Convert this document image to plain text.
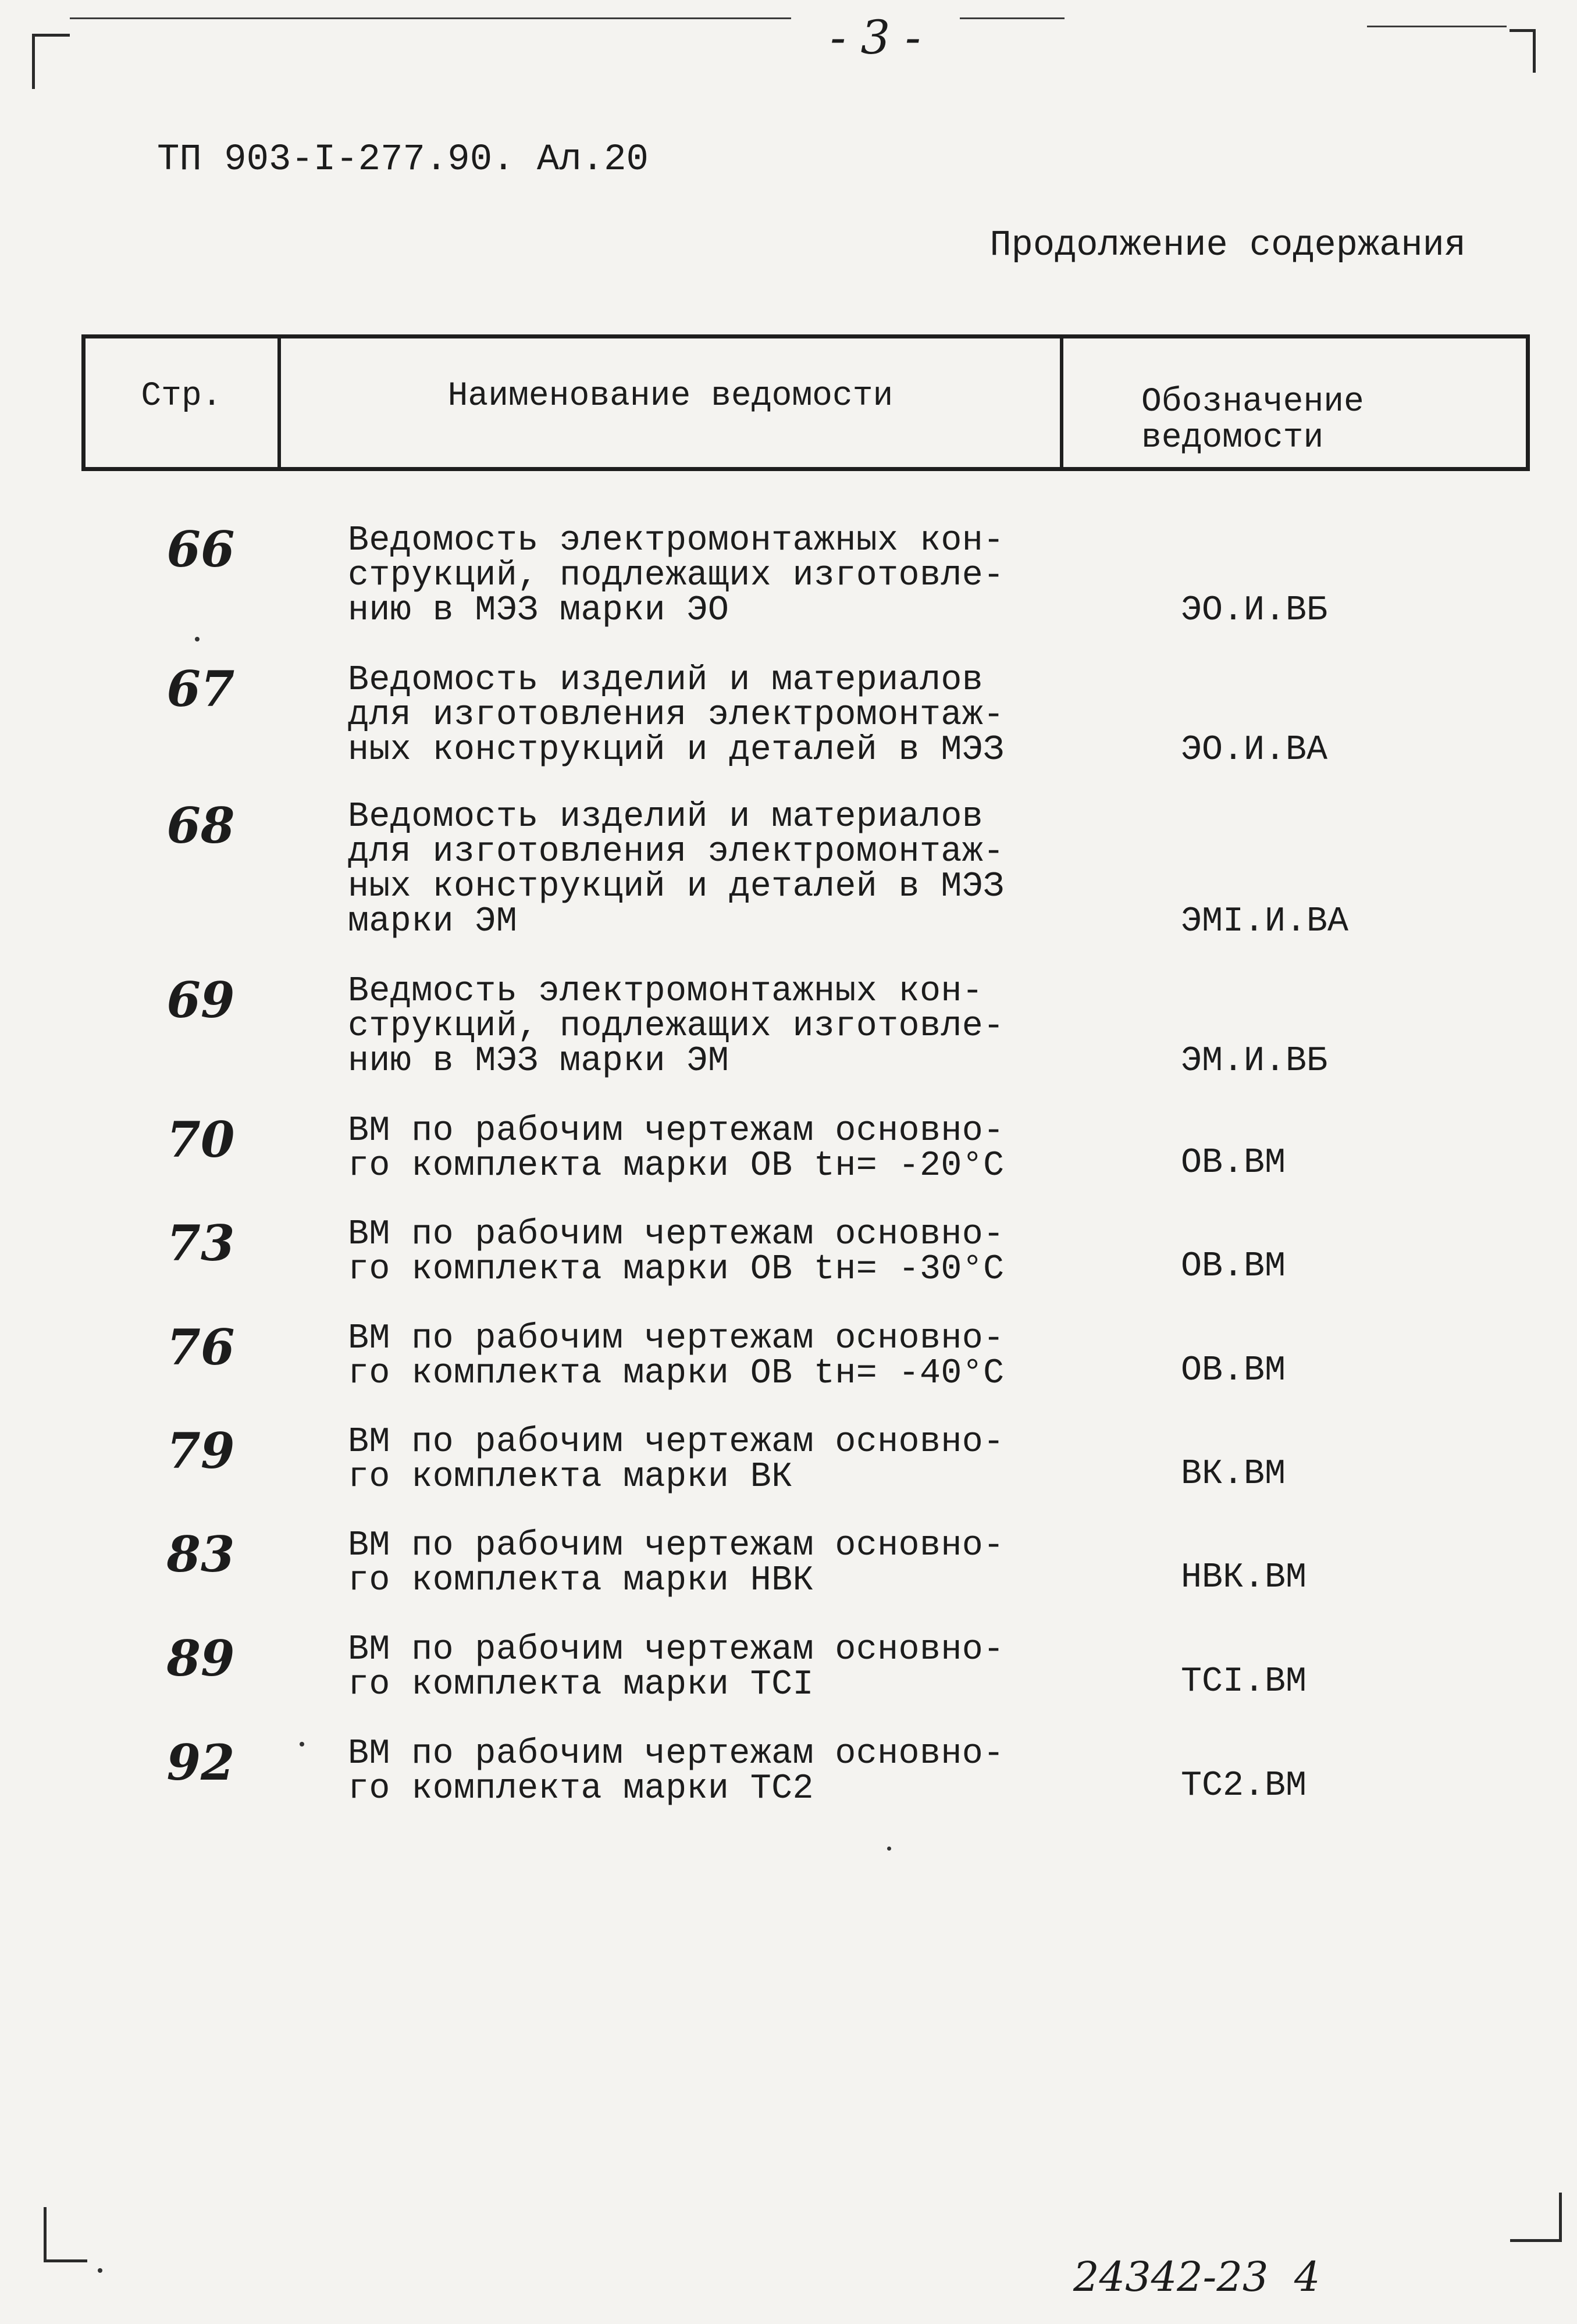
- 3 -
ТП 903-I-277.90. Ал.20
Продолжение содержания
Стр.	Наименование ведомости	Обозначение
ведомости
66	Ведомость электромонтажных кон-
струкций, подлежащих изготовле-
нию в МЭЗ марки ЭО	ЭО.И.ВБ
67	Ведомость изделий и материалов
для изготовления электромонтаж-
ных конструкций и деталей в МЭЗ	ЭО.И.ВА
68	Ведомость изделий и материалов
для изготовления электромонтаж-
ных конструкций и деталей в МЭЗ
марки ЭМ	ЭМI.И.ВА
69	Ведмость электромонтажных кон-
струкций, подлежащих изготовле-
нию в МЭЗ марки ЭМ	ЭМ.И.ВБ
70	ВМ по рабочим чертежам основно-
го комплекта марки ОВ tн= -20°С	ОВ.ВМ
73	ВМ по рабочим чертежам основно-
го комплекта марки ОВ tн= -30°С	ОВ.ВМ
76	ВМ по рабочим чертежам основно-
го комплекта марки ОВ tн= -40°С	ОВ.ВМ
79	ВМ по рабочим чертежам основно-
го комплекта марки ВК	ВК.ВМ
83	ВМ по рабочим чертежам основно-
го комплекта марки НВК	НВК.ВМ
89	ВМ по рабочим чертежам основно-
го комплекта марки ТСI	ТСI.ВМ
92	ВМ по рабочим чертежам основно-
го комплекта марки ТС2	ТС2.ВМ
24342-23  4
